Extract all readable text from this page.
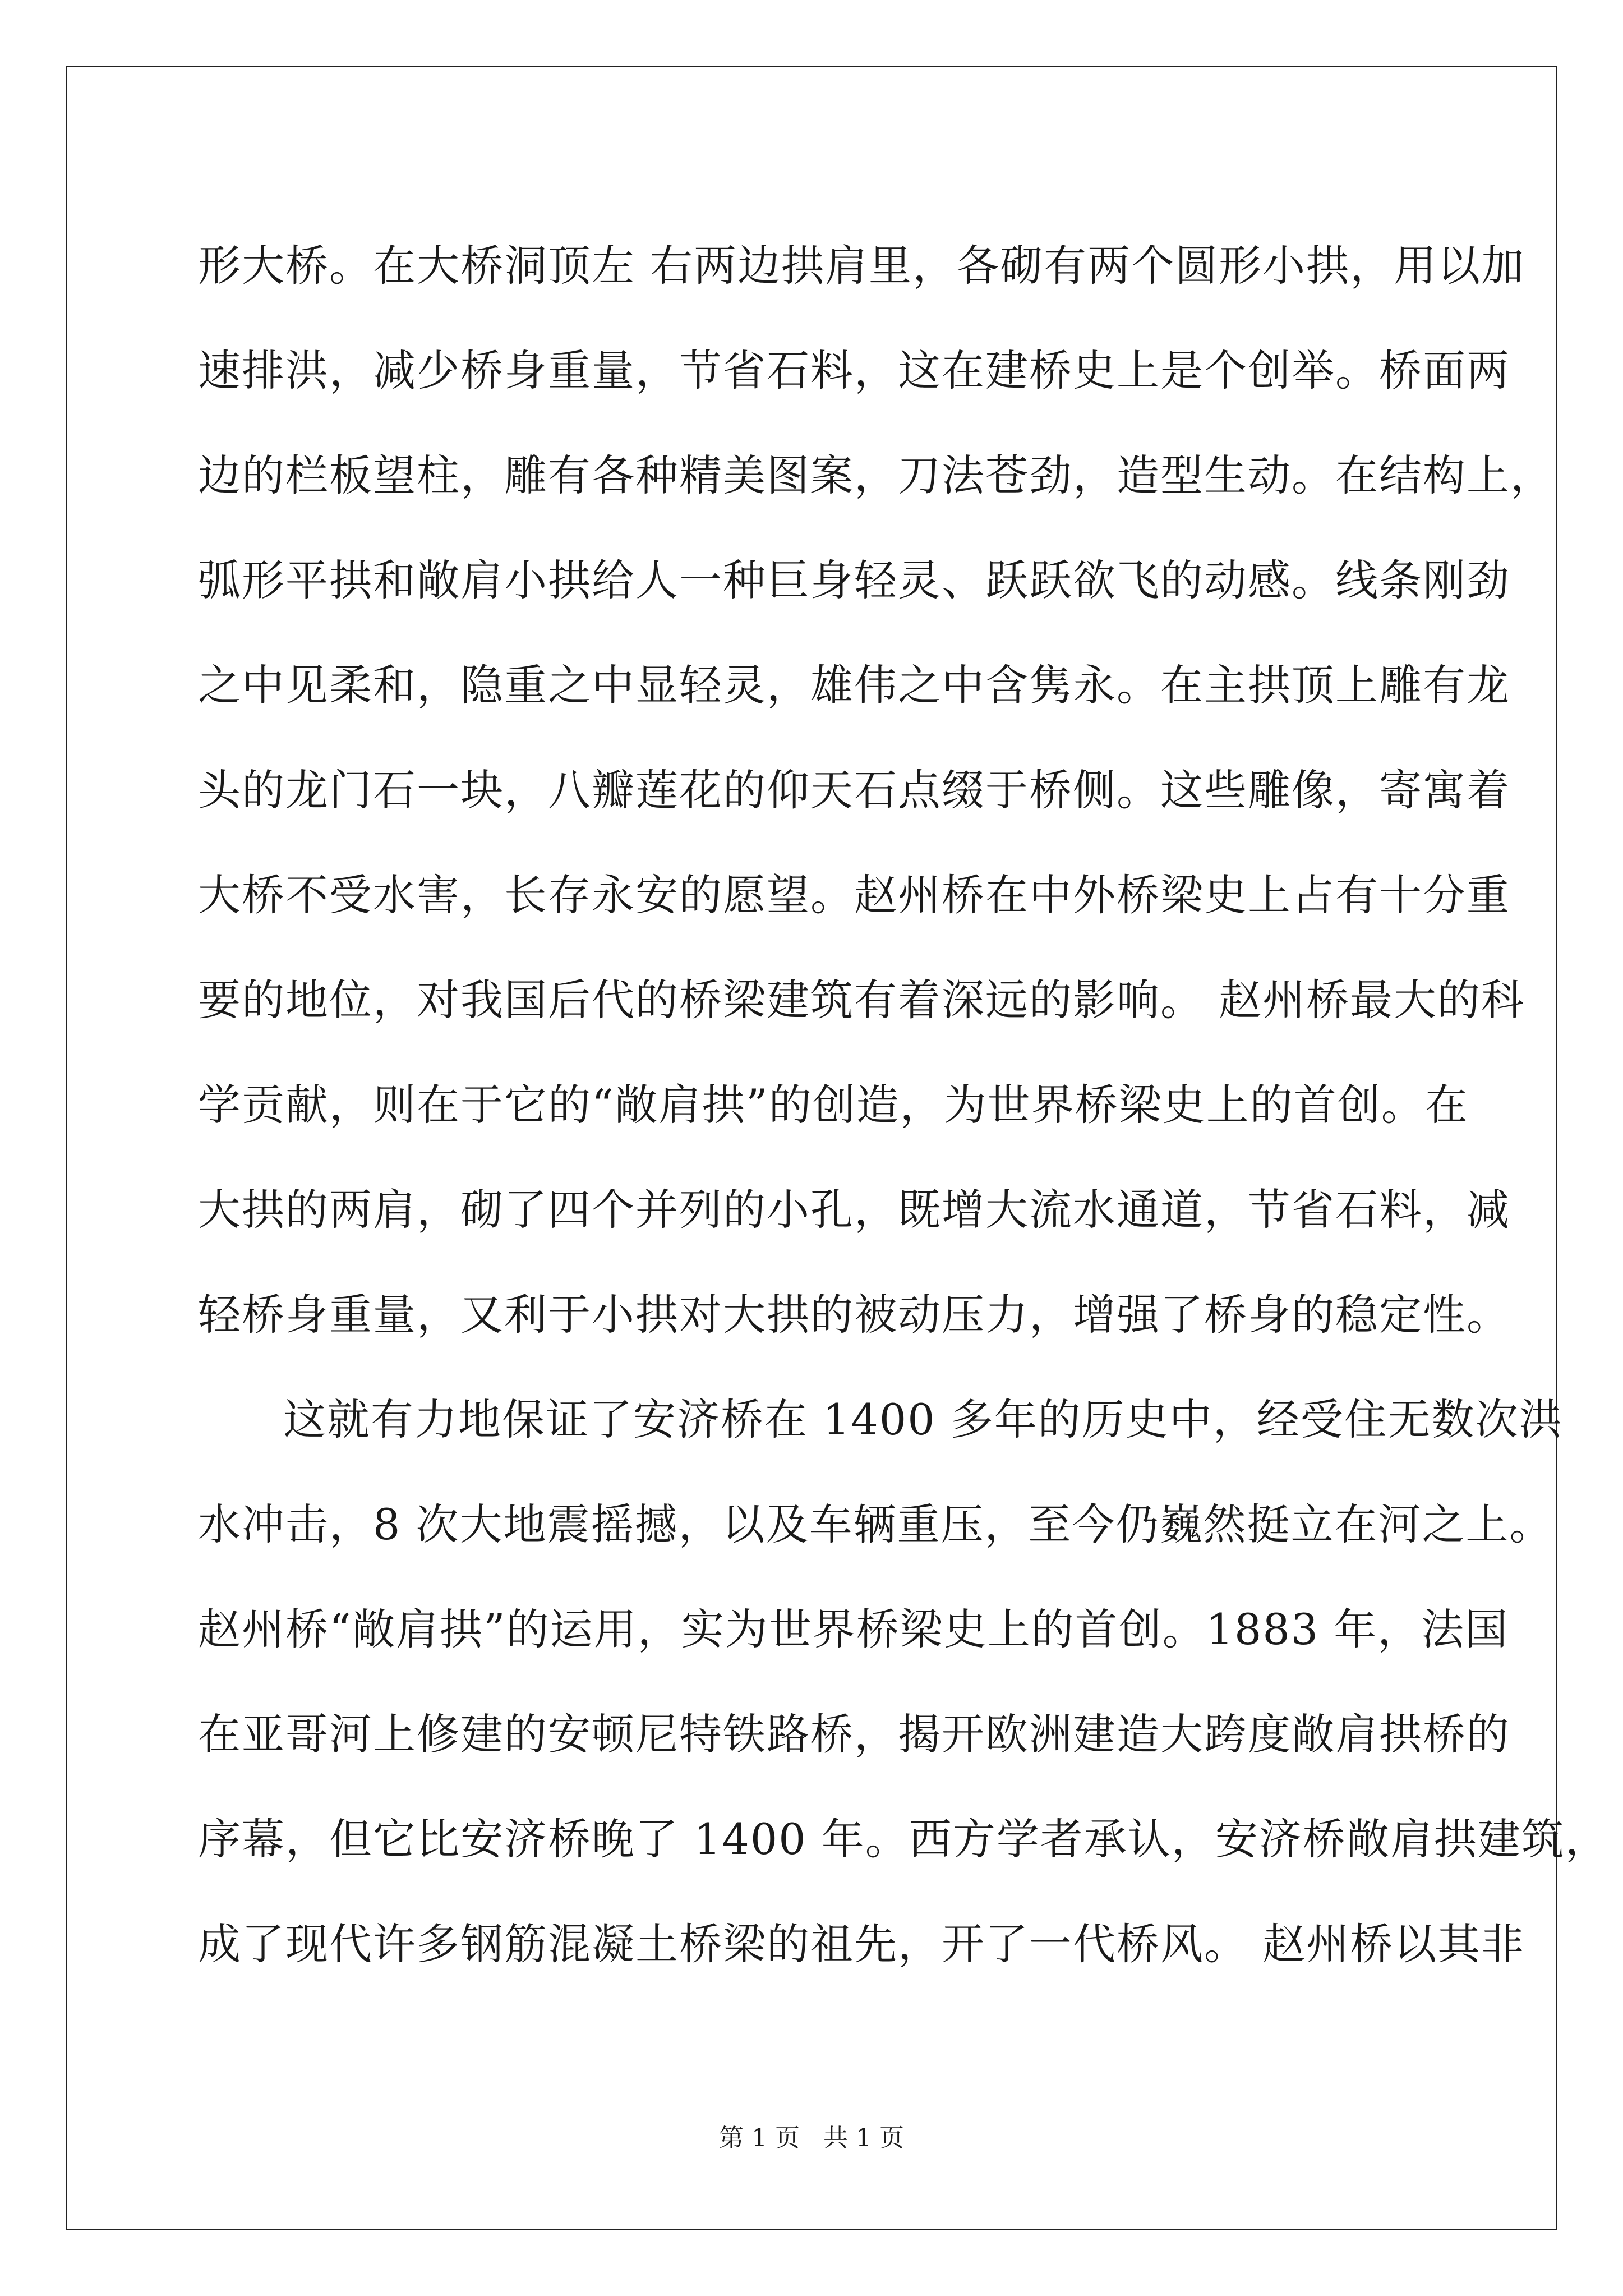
形大桥。在大桥洞顶左 右两边拱肩里，各砌有两个圆形小拱，用以加
速排洪，减少桥身重量，节省石料，这在建桥史上是个创举。桥面两
边的栏板望柱，雕有各种精美图案，刀法苍劲，造型生动。在结构上，
弧形平拱和敞肩小拱给人一种巨身轻灵、跃跃欲飞的动感。线条刚劲
之中见柔和，隐重之中显轻灵，雄伟之中含隽永。在主拱顶上雕有龙
头的龙门石一块，八瓣莲花的仰天石点缀于桥侧。这些雕像，寄寓着
大桥不受水害，长存永安的愿望。赵州桥在中外桥梁史上占有十分重
要的地位，对我国后代的桥梁建筑有着深远的影响。 赵州桥最大的科
学贡献，则在于它的“敞肩拱”的创造，为世界桥梁史上的首创。在
大拱的两肩，砌了四个并列的小孔，既增大流水通道，节省石料，减
轻桥身重量，又利于小拱对大拱的被动压力，增强了桥身的稳定性。
这就有力地保证了安济桥在 1400 多年的历史中，经受住无数次洪
水冲击，8 次大地震摇撼，以及车辆重压，至今仍巍然挺立在河之上。
赵州桥“敞肩拱”的运用，实为世界桥梁史上的首创。1883 年，法国
在亚哥河上修建的安顿尼特铁路桥，揭开欧洲建造大跨度敞肩拱桥的
序幕，但它比安济桥晚了 1400 年。西方学者承认，安济桥敞肩拱建筑，
成了现代许多钢筋混凝土桥梁的祖先，开了一代桥风。 赵州桥以其非
第 1 页   共 1 页
